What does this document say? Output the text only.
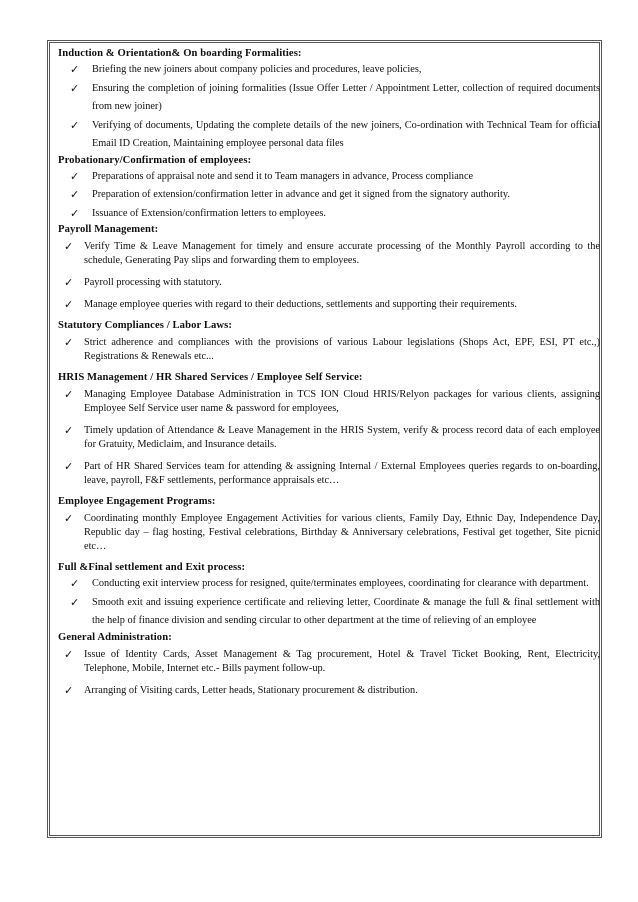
Induction & Orientation& On boarding Formalities:

✓ Briefing the new joiners about company policies and procedures, leave policies,
✓ Ensuring the completion of joining formalities (Issue Offer Letter / Appointment Letter, collection of required documents from new joiner)
✓ Verifying of documents, Updating the complete details of the new joiners, Co-ordination with Technical Team for official Email ID Creation, Maintaining employee personal data files

Probationary/Confirmation of employees:

✓ Preparations of appraisal note and send it to Team managers in advance, Process compliance
✓ Preparation of extension/confirmation letter in advance and get it signed from the signatory authority.
✓ Issuance of Extension/confirmation letters to employees.

Payroll Management:

✓ Verify Time & Leave Management for timely and ensure accurate processing of the Monthly Payroll according to the schedule, Generating Pay slips and forwarding them to employees.
✓ Payroll processing with statutory.
✓ Manage employee queries with regard to their deductions, settlements and supporting their requirements.

Statutory Compliances / Labor Laws:

✓ Strict adherence and compliances with the provisions of various Labour legislations (Shops Act, EPF, ESI, PT etc.,) Registrations & Renewals etc...

HRIS Management / HR Shared Services / Employee Self Service:

✓ Managing Employee Database Administration in TCS ION Cloud HRIS/Relyon packages for various clients, assigning Employee Self Service user name & password for employees,
✓ Timely updation of Attendance & Leave Management in the HRIS System, verify & process record data of each employee for Gratuity, Mediclaim, and Insurance details.
✓ Part of HR Shared Services team for attending & assigning Internal / External Employees queries regards to on-boarding, leave, payroll, F&F settlements, performance appraisals etc…

Employee Engagement Programs:

✓ Coordinating monthly Employee Engagement Activities for various clients, Family Day, Ethnic Day, Independence Day, Republic day – flag hosting, Festival celebrations, Birthday & Anniversary celebrations, Festival get together, Site picnic etc…

Full &Final settlement and Exit process:

✓ Conducting exit interview process for resigned, quite/terminates employees, coordinating for clearance with department.
✓ Smooth exit and issuing experience certificate and relieving letter, Coordinate & manage the full & final settlement with the help of finance division and sending circular to other department at the time of relieving of an employee

General Administration:

✓ Issue of Identity Cards, Asset Management & Tag procurement, Hotel & Travel Ticket Booking, Rent, Electricity, Telephone, Mobile, Internet etc.- Bills payment follow-up.
✓ Arranging of Visiting cards, Letter heads, Stationary procurement & distribution.
